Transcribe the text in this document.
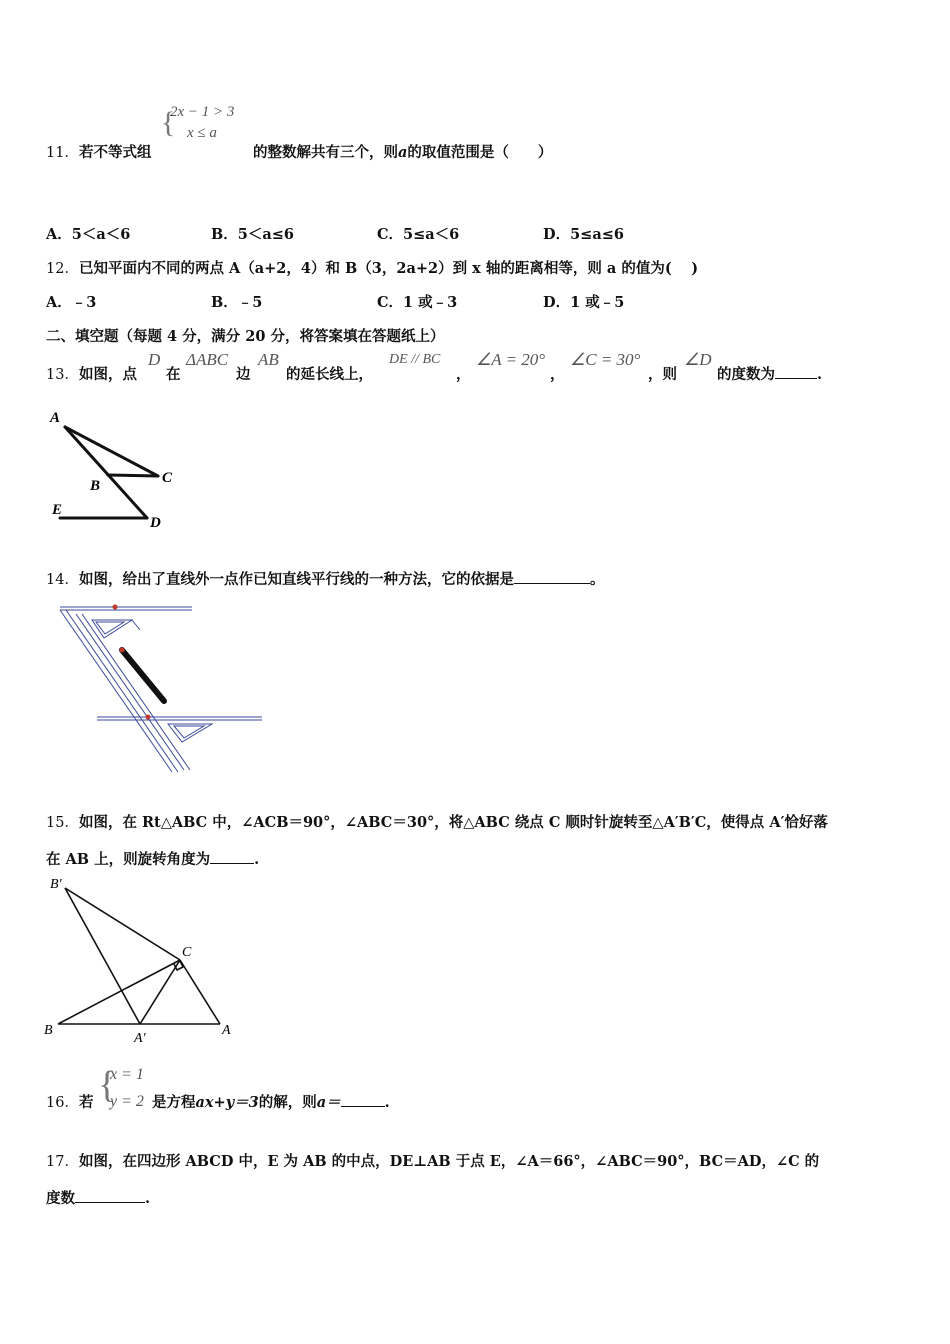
{
2x − 1 > 3
x ≤ a
11．若不等式组	的整数解共有三个，则a的取值范围是（　　）
A．5＜a＜6	B．5＜a≤6	C．5≤a＜6	D．5≤a≤6
12．已知平面内不同的两点 A（a+2，4）和 B（3，2a+2）到 x 轴的距离相等，则 a 的值为(　 )
A．﹣3	B．﹣5	C．1 或﹣3	D．1 或﹣5
二、填空题（每题 4 分，满分 20 分，将答案填在答题纸上）
13． 如图，点
D
在
ΔABC
边
AB
的延长线上，
DE // BC
，
∠A = 20°
，
∠C = 30°
，则
∠D
的度数为	.
A
C
B
E
D
14．如图，给出了直线外一点作已知直线平行线的一种方法，它的依据是	。
15．如图，在 Rt△ABC 中，∠ACB＝90°，∠ABC＝30°，将△ABC 绕点 C 顺时针旋转至△A′B′C，使得点 A′恰好落
在 AB 上，则旋转角度为	.
B′
C
B
A′
A
16． 若 {
x = 1
y = 2 是方程ax+y＝3的解，则a＝	.
17．如图，在四边形 ABCD 中，E 为 AB 的中点，DE⊥AB 于点 E，∠A＝66°，∠ABC＝90°，BC＝AD，∠C 的
度数	.
